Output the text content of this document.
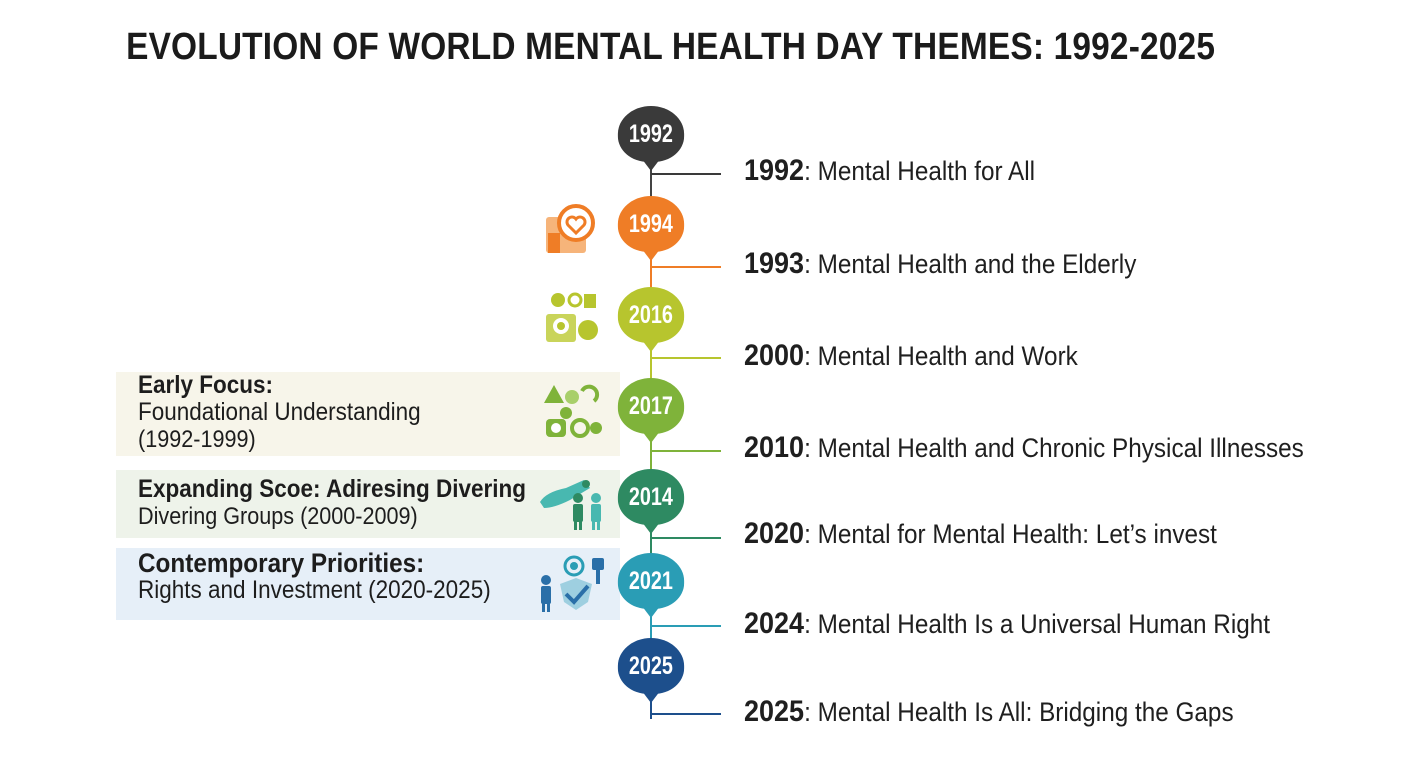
EVOLUTION OF WORLD MENTAL HEALTH DAY THEMES: 1992-2025
Early Focus:
Foundational Understanding
(1992-1999)
Expanding Scoe: Adiresing Divering
Divering Groups (2000-2009)
Contemporary Priorities:
Rights and Investment (2020-2025)
1992
1994
2016
2017
2014
2021
2025
1992: Mental Health for All
1993: Mental Health and the Elderly
2000: Mental Health and Work
2010: Mental Health and Chronic Physical Illnesses
2020: Mental for Mental Health: Let’s invest
2024: Mental Health Is a Universal Human Right
2025: Mental Health Is All: Bridging the Gaps
